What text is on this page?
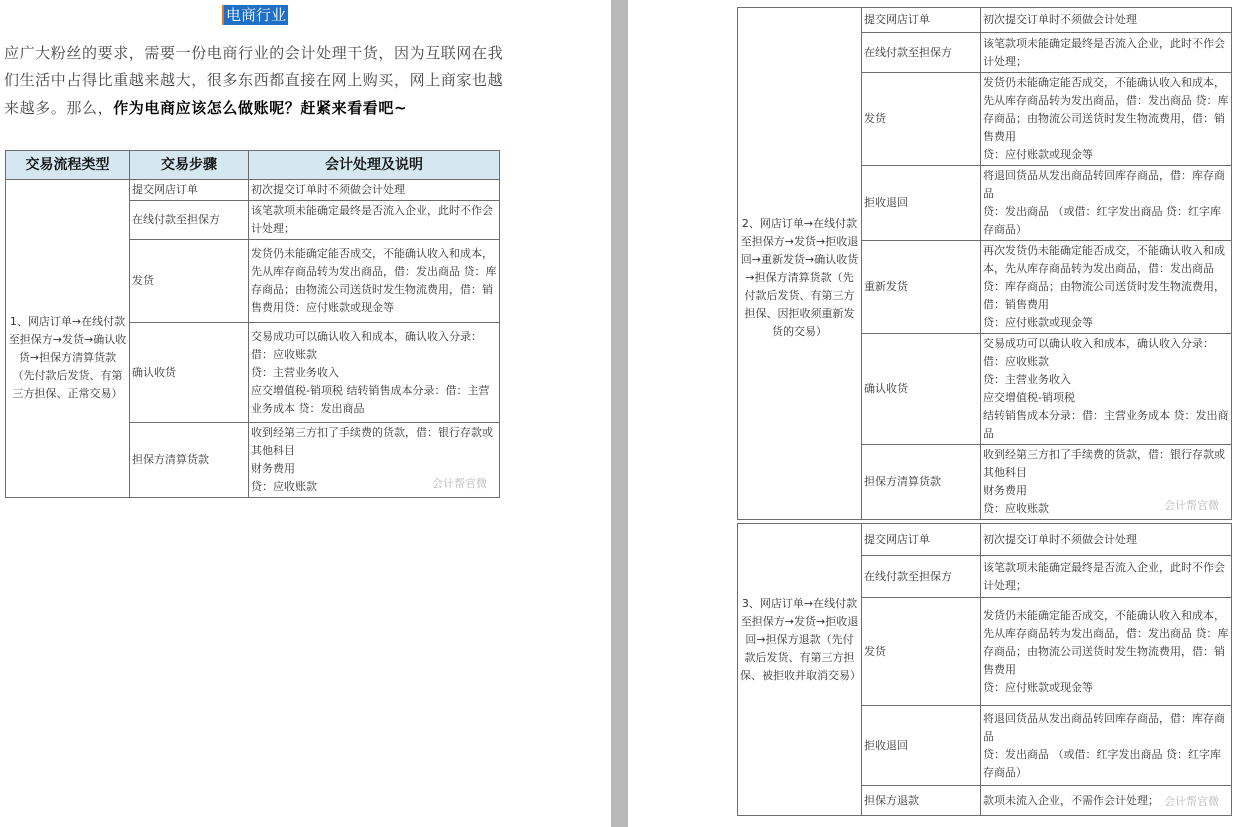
电商行业
应广大粉丝的要求，需要一份电商行业的会计处理干货，因为互联网在我们生活中占得比重越来越大，很多东西都直接在网上购买，网上商家也越来越多。那么，作为电商应该怎么做账呢？赶紧来看看吧~
交易流程类型	交易步骤	会计处理及说明
1、网店订单→在线付款至担保方→发货→确认收货→担保方清算货款（先付款后发货、有第三方担保、正常交易）	提交网店订单	初次提交订单时不须做会计处理

	在线付款至担保方	该笔款项未能确定最终是否流入企业，此时不作会计处理；

	发货	发货仍未能确定能否成交，不能确认收入和成本，先从库存商品转为发出商品，借：发出商品 贷：库存商品；由物流公司送货时发生物流费用，借：销售费用贷：应付账款或现金等

	确认收货	交易成功可以确认收入和成本，确认收入分录：借：应收账款
贷：主营业务收入
应交增值税-销项税 结转销售成本分录：借：主营业务成本 贷：发出商品

	担保方清算货款	收到经第三方扣了手续费的货款，借：银行存款或其他科目
财务费用
贷：应收账款 会计帮官微
2、网店订单→在线付款至担保方→发货→拒收退回→重新发货→确认收货→担保方清算货款（先付款后发货、有第三方担保、因拒收须重新发货的交易）	提交网店订单	初次提交订单时不须做会计处理

	在线付款至担保方	该笔款项未能确定最终是否流入企业，此时不作会计处理；

	发货	发货仍未能确定能否成交，不能确认收入和成本，先从库存商品转为发出商品，借：发出商品 贷：库存商品；由物流公司送货时发生物流费用，借：销售费用
贷：应付账款或现金等

	拒收退回	将退回货品从发出商品转回库存商品，借：库存商品
贷：发出商品 （或借：红字发出商品 贷：红字库存商品）

	重新发货	再次发货仍未能确定能否成交，不能确认收入和成本，先从库存商品转为发出商品，借：发出商品 贷：库存商品；由物流公司送货时发生物流费用，借：销售费用
贷：应付账款或现金等

	确认收货	交易成功可以确认收入和成本，确认收入分录：借：应收账款
贷：主营业务收入
应交增值税-销项税
结转销售成本分录：借：主营业务成本 贷：发出商品

	担保方清算货款	收到经第三方扣了手续费的货款，借：银行存款或其他科目
财务费用
贷：应收账款 会计帮官微
3、网店订单→在线付款至担保方→发货→拒收退回→担保方退款（先付款后发货、有第三方担保、被拒收并取消交易）	提交网店订单	初次提交订单时不须做会计处理

	在线付款至担保方	该笔款项未能确定最终是否流入企业，此时不作会计处理；

	发货	发货仍未能确定能否成交，不能确认收入和成本，先从库存商品转为发出商品，借：发出商品 贷：库存商品；由物流公司送货时发生物流费用，借：销售费用
贷：应付账款或现金等

	拒收退回	将退回货品从发出商品转回库存商品，借：库存商品
贷：发出商品 （或借：红字发出商品 贷：红字库存商品）

	担保方退款	款项未流入企业，不需作会计处理； 会计帮官微
